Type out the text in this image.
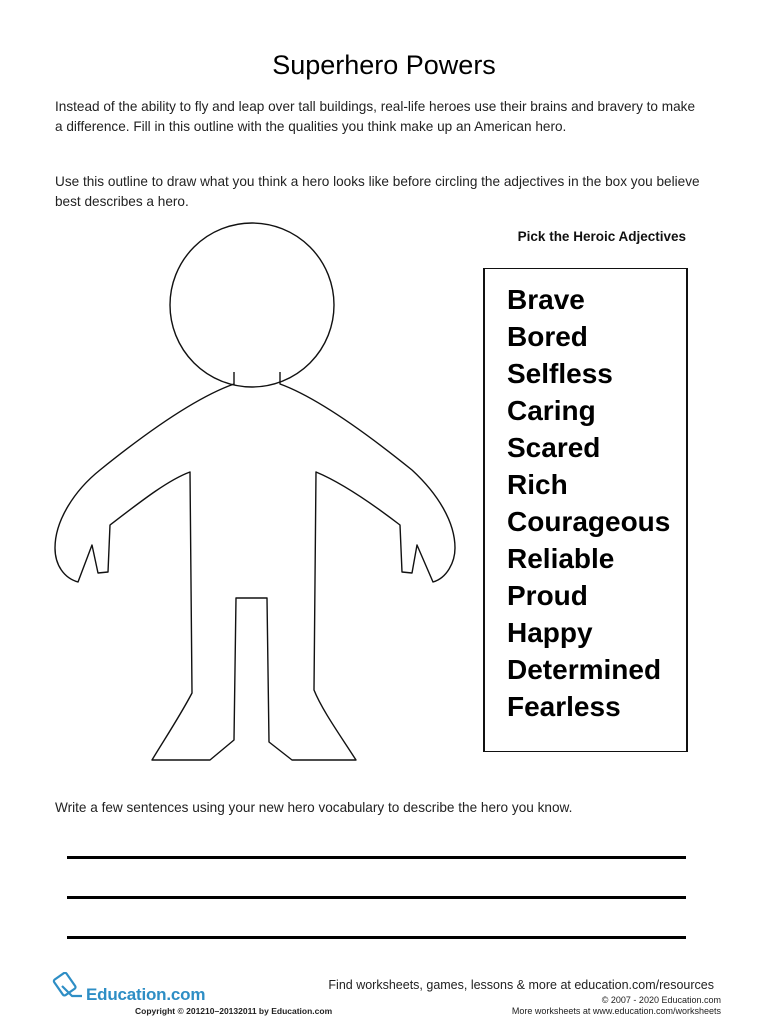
Superhero Powers
Instead of the ability to fly and leap over tall buildings, real-life heroes use their brains and bravery to make a difference. Fill in this outline with the qualities you think make up an American hero.
Use this outline to draw what you think a hero looks like before circling the adjectives in the box you believe best describes a hero.
Pick the Heroic Adjectives
Brave
Bored
Selfless
Caring
Scared
Rich
Courageous
Reliable
Proud
Happy
Determined
Fearless
Write a few sentences using your new hero vocabulary to describe the hero you know.
Education.com	Find worksheets, games, lessons & more at education.com/resources
© 2007 - 2020 Education.com
More worksheets at www.education.com/worksheets
Copyright © 201210–20132011 by Education.com
